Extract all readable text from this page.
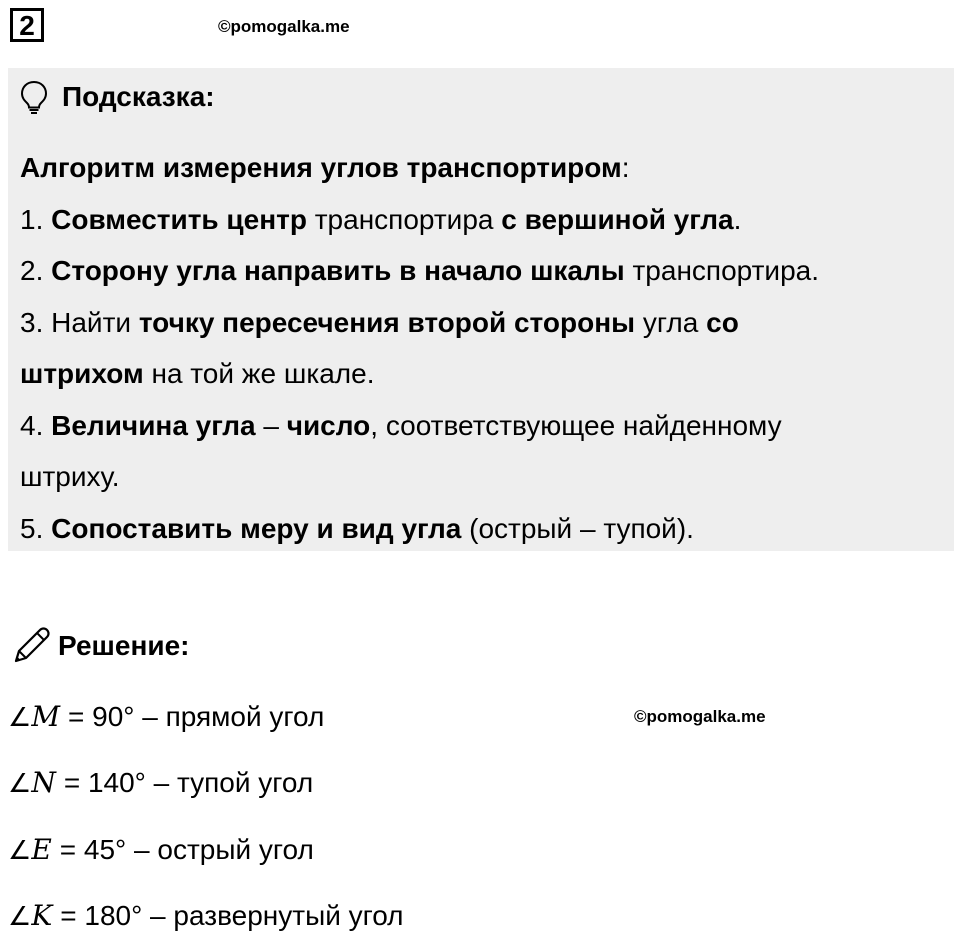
2	©pomogalka.me
Подсказка:
Алгоритм измерения углов транспортиром:
1. Совместить центр транспортира с вершиной угла.
2. Сторону угла направить в начало шкалы транспортира.
3. Найти точку пересечения второй стороны угла со
штрихом на той же шкале.
4. Величина угла – число, соответствующее найденному
штриху.
5. Сопоставить меру и вид угла (острый – тупой).
Решение:
©pomogalka.me
∠M = 90° – прямой угол
∠N = 140° – тупой угол
∠E = 45° – острый угол
∠K = 180° – развернутый угол
